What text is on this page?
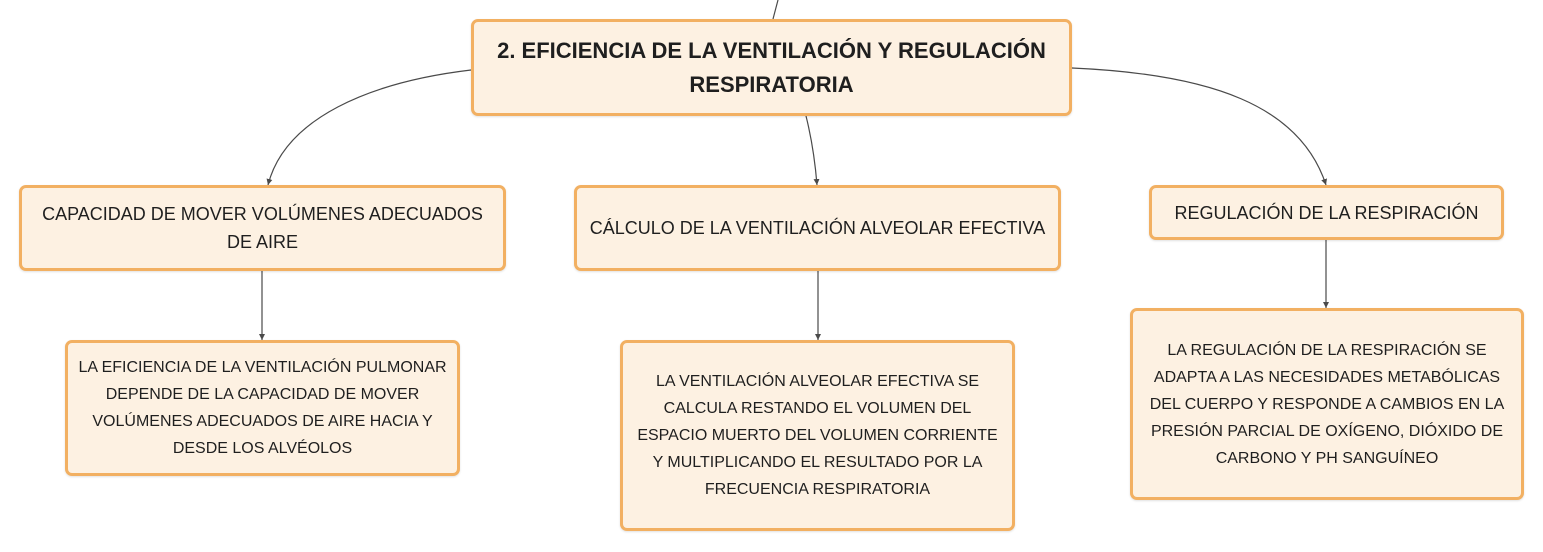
2. EFICIENCIA DE LA VENTILACIÓN Y REGULACIÓN RESPIRATORIA
CAPACIDAD DE MOVER VOLÚMENES ADECUADOS DE AIRE
CÁLCULO DE LA VENTILACIÓN ALVEOLAR EFECTIVA
REGULACIÓN DE LA RESPIRACIÓN
LA EFICIENCIA DE LA VENTILACIÓN PULMONAR DEPENDE DE LA CAPACIDAD DE MOVER VOLÚMENES ADECUADOS DE AIRE HACIA Y DESDE LOS ALVÉOLOS
LA VENTILACIÓN ALVEOLAR EFECTIVA SE CALCULA RESTANDO EL VOLUMEN DEL ESPACIO MUERTO DEL VOLUMEN CORRIENTE Y MULTIPLICANDO EL RESULTADO POR LA FRECUENCIA RESPIRATORIA
LA REGULACIÓN DE LA RESPIRACIÓN SE ADAPTA A LAS NECESIDADES METABÓLICAS DEL CUERPO Y RESPONDE A CAMBIOS EN LA PRESIÓN PARCIAL DE OXÍGENO, DIÓXIDO DE CARBONO Y PH SANGUÍNEO
